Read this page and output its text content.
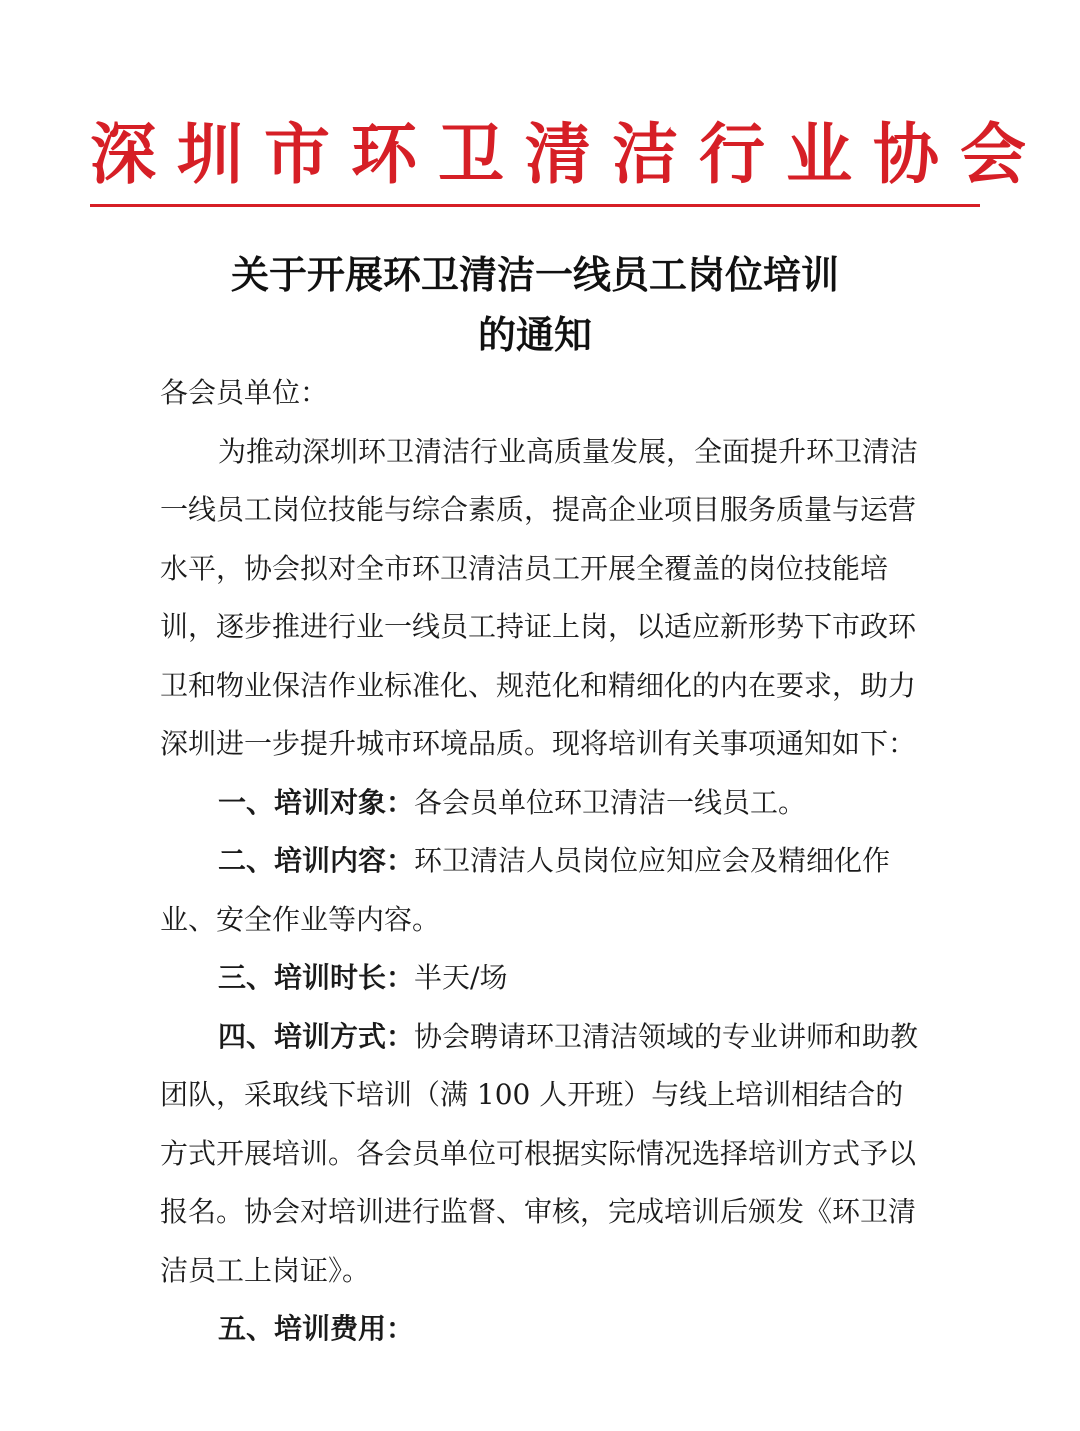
深圳市环卫清洁行业协会
关于开展环卫清洁一线员工岗位培训
的通知

各会员单位：

为推动深圳环卫清洁行业高质量发展，全面提升环卫清洁一线员工岗位技能与综合素质，提高企业项目服务质量与运营水平，协会拟对全市环卫清洁员工开展全覆盖的岗位技能培训，逐步推进行业一线员工持证上岗，以适应新形势下市政环卫和物业保洁作业标准化、规范化和精细化的内在要求，助力深圳进一步提升城市环境品质。现将培训有关事项通知如下：

一、培训对象：各会员单位环卫清洁一线员工。

二、培训内容：环卫清洁人员岗位应知应会及精细化作业、安全作业等内容。

三、培训时长：半天/场

四、培训方式：协会聘请环卫清洁领域的专业讲师和助教团队，采取线下培训（满 100 人开班）与线上培训相结合的方式开展培训。各会员单位可根据实际情况选择培训方式予以报名。协会对培训进行监督、审核，完成培训后颁发《环卫清洁员工上岗证》。

五、培训费用：
